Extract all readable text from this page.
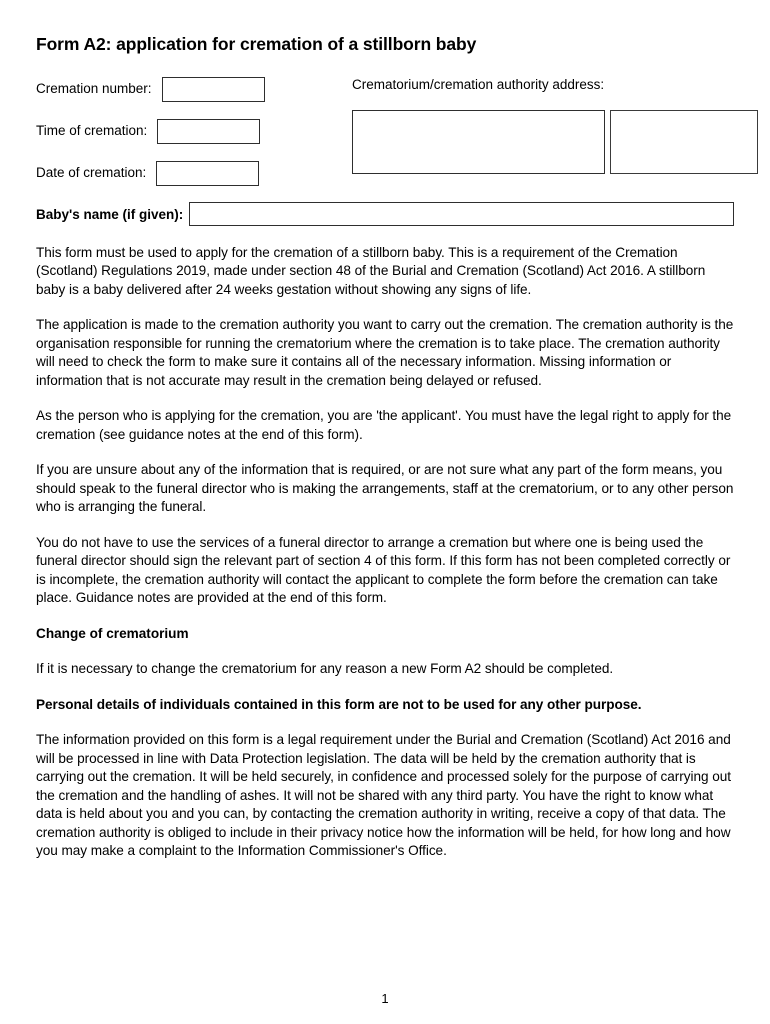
Form A2: application for cremation of a stillborn baby
Cremation number:
Time of cremation:
Date of cremation:
Crematorium/cremation authority address:
Baby's name (if given):

This form must be used to apply for the cremation of a stillborn baby. This is a requirement of the Cremation (Scotland) Regulations 2019, made under section 48 of the Burial and Cremation (Scotland) Act 2016. A stillborn baby is a baby delivered after 24 weeks gestation without showing any signs of life.

The application is made to the cremation authority you want to carry out the cremation. The cremation authority is the organisation responsible for running the crematorium where the cremation is to take place. The cremation authority will need to check the form to make sure it contains all of the necessary information. Missing information or information that is not accurate may result in the cremation being delayed or refused.

As the person who is applying for the cremation, you are 'the applicant'. You must have the legal right to apply for the cremation (see guidance notes at the end of this form).

If you are unsure about any of the information that is required, or are not sure what any part of the form means, you should speak to the funeral director who is making the arrangements, staff at the crematorium, or to any other person who is arranging the funeral.

You do not have to use the services of a funeral director to arrange a cremation but where one is being used the funeral director should sign the relevant part of section 4 of this form. If this form has not been completed correctly or is incomplete, the cremation authority will contact the applicant to complete the form before the cremation can take place. Guidance notes are provided at the end of this form.

Change of crematorium

If it is necessary to change the crematorium for any reason a new Form A2 should be completed.

Personal details of individuals contained in this form are not to be used for any other purpose.

The information provided on this form is a legal requirement under the Burial and Cremation (Scotland) Act 2016 and will be processed in line with Data Protection legislation. The data will be held by the cremation authority that is carrying out the cremation. It will be held securely, in confidence and processed solely for the purpose of carrying out the cremation and the handling of ashes. It will not be shared with any third party. You have the right to know what data is held about you and you can, by contacting the cremation authority in writing, receive a copy of that data. The cremation authority is obliged to include in their privacy notice how the information will be held, for how long and how you may make a complaint to the Information Commissioner's Office.

1
